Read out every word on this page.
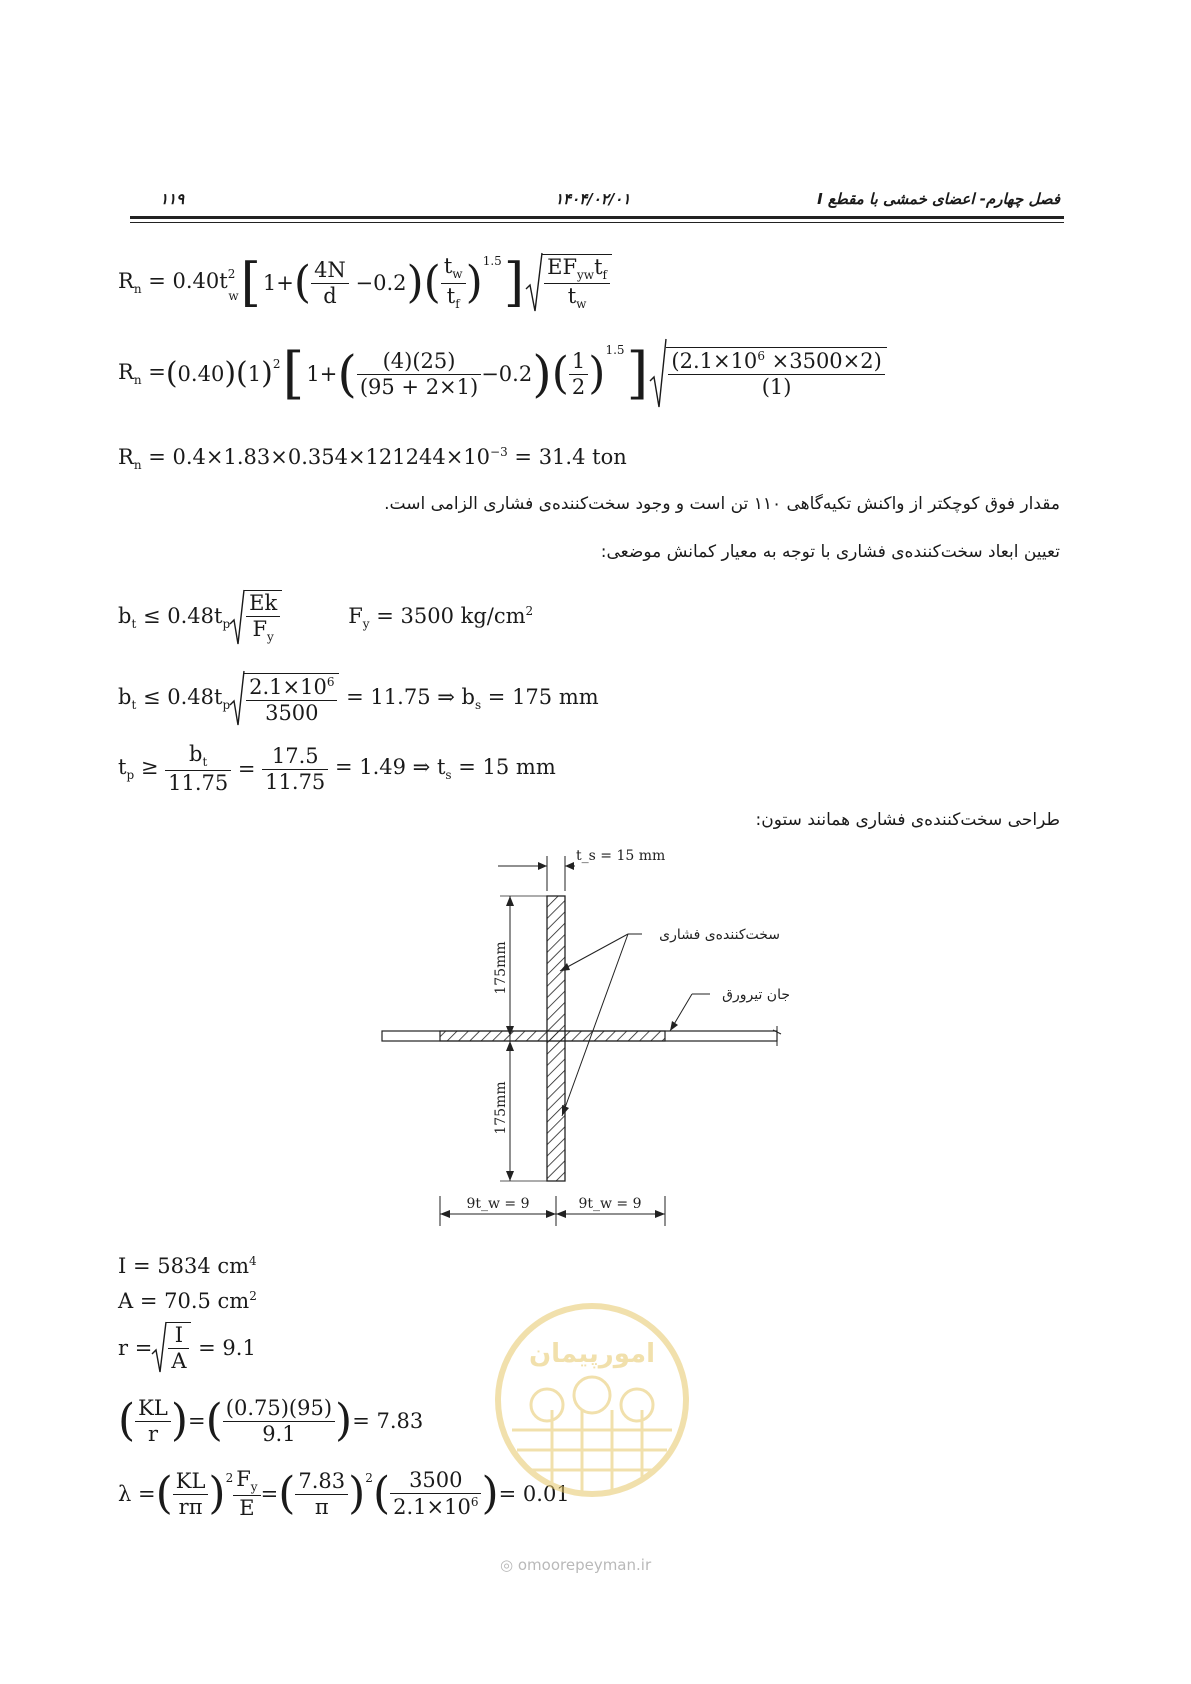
۱۱۹	۱۴۰۴/۰۲/۰۱	فصل چهارم- اعضای خمشی با مقطع I
$R_n = 0.40t^2_w$ [ 1+ ( $\frac{4N}{d} -0.2$ ) ( $\frac{t_w}{t_f} )^{1.5}$ ] $\frac{EF_{yw}t_f}{t_w}$
$R_n$ = ( 0.40 ) ( 1 )$^2$ [ 1+ ( $\frac{(4)(25)}{(95 + 2\times 1)} -0.2$ ) ( $\frac{1}{2} )^{1.5}$ ] $\frac{(2.1\times 10^6 \times 3500\times 2)}{(1)}$
$R_n = 0.4\times 1.83\times 0.354\times 121244\times 10^{-3} = 31.4$ ton
مقدار فوق کوچکتر از واکنش تکیه‌گاهی ۱۱۰ تن است و وجود سخت‌کننده‌ی فشاری الزامی است.
تعیین ابعاد سخت‌کننده‌ی فشاری با توجه به معیار کمانش موضعی:
$b_t \le 0.48t_p \frac{Ek}{F_y}$	$F_y = 3500$ $kg/cm^2$
$b_t \le 0.48t_p \frac{2.1\times 10^6}{3500} = 11.75$ ⇒ $b_s = 175$ mm
$t_p \ge \frac{b_t}{11.75} = \frac{17.5}{11.75} = 1.49$ ⇒ $t_s = 15$ mm
طراحی سخت‌کننده‌ی فشاری همانند ستون:
t_s = 15 mm
175mm
175mm
9t_w = 9	9t_w = 9
سخت‌کننده‌ی فشاری
جان تیرورق
I = 5834 $cm^4$
A = 70.5 $cm^2$
$r = \frac{I}{A} = 9.1$
( $\frac{KL}{r}$ ) = ( $\frac{(0.75)(95)}{9.1}$ ) = 7.83
λ = ( $\frac{KL}{r\pi} )^2 \frac{F_y}{E}$ = ( $\frac{7.83}{\pi} )^2$ ( $\frac{3500}{2.1\times 10^6}$ ) = 0.01
امورپیمان
◎ omoorepeyman.ir
